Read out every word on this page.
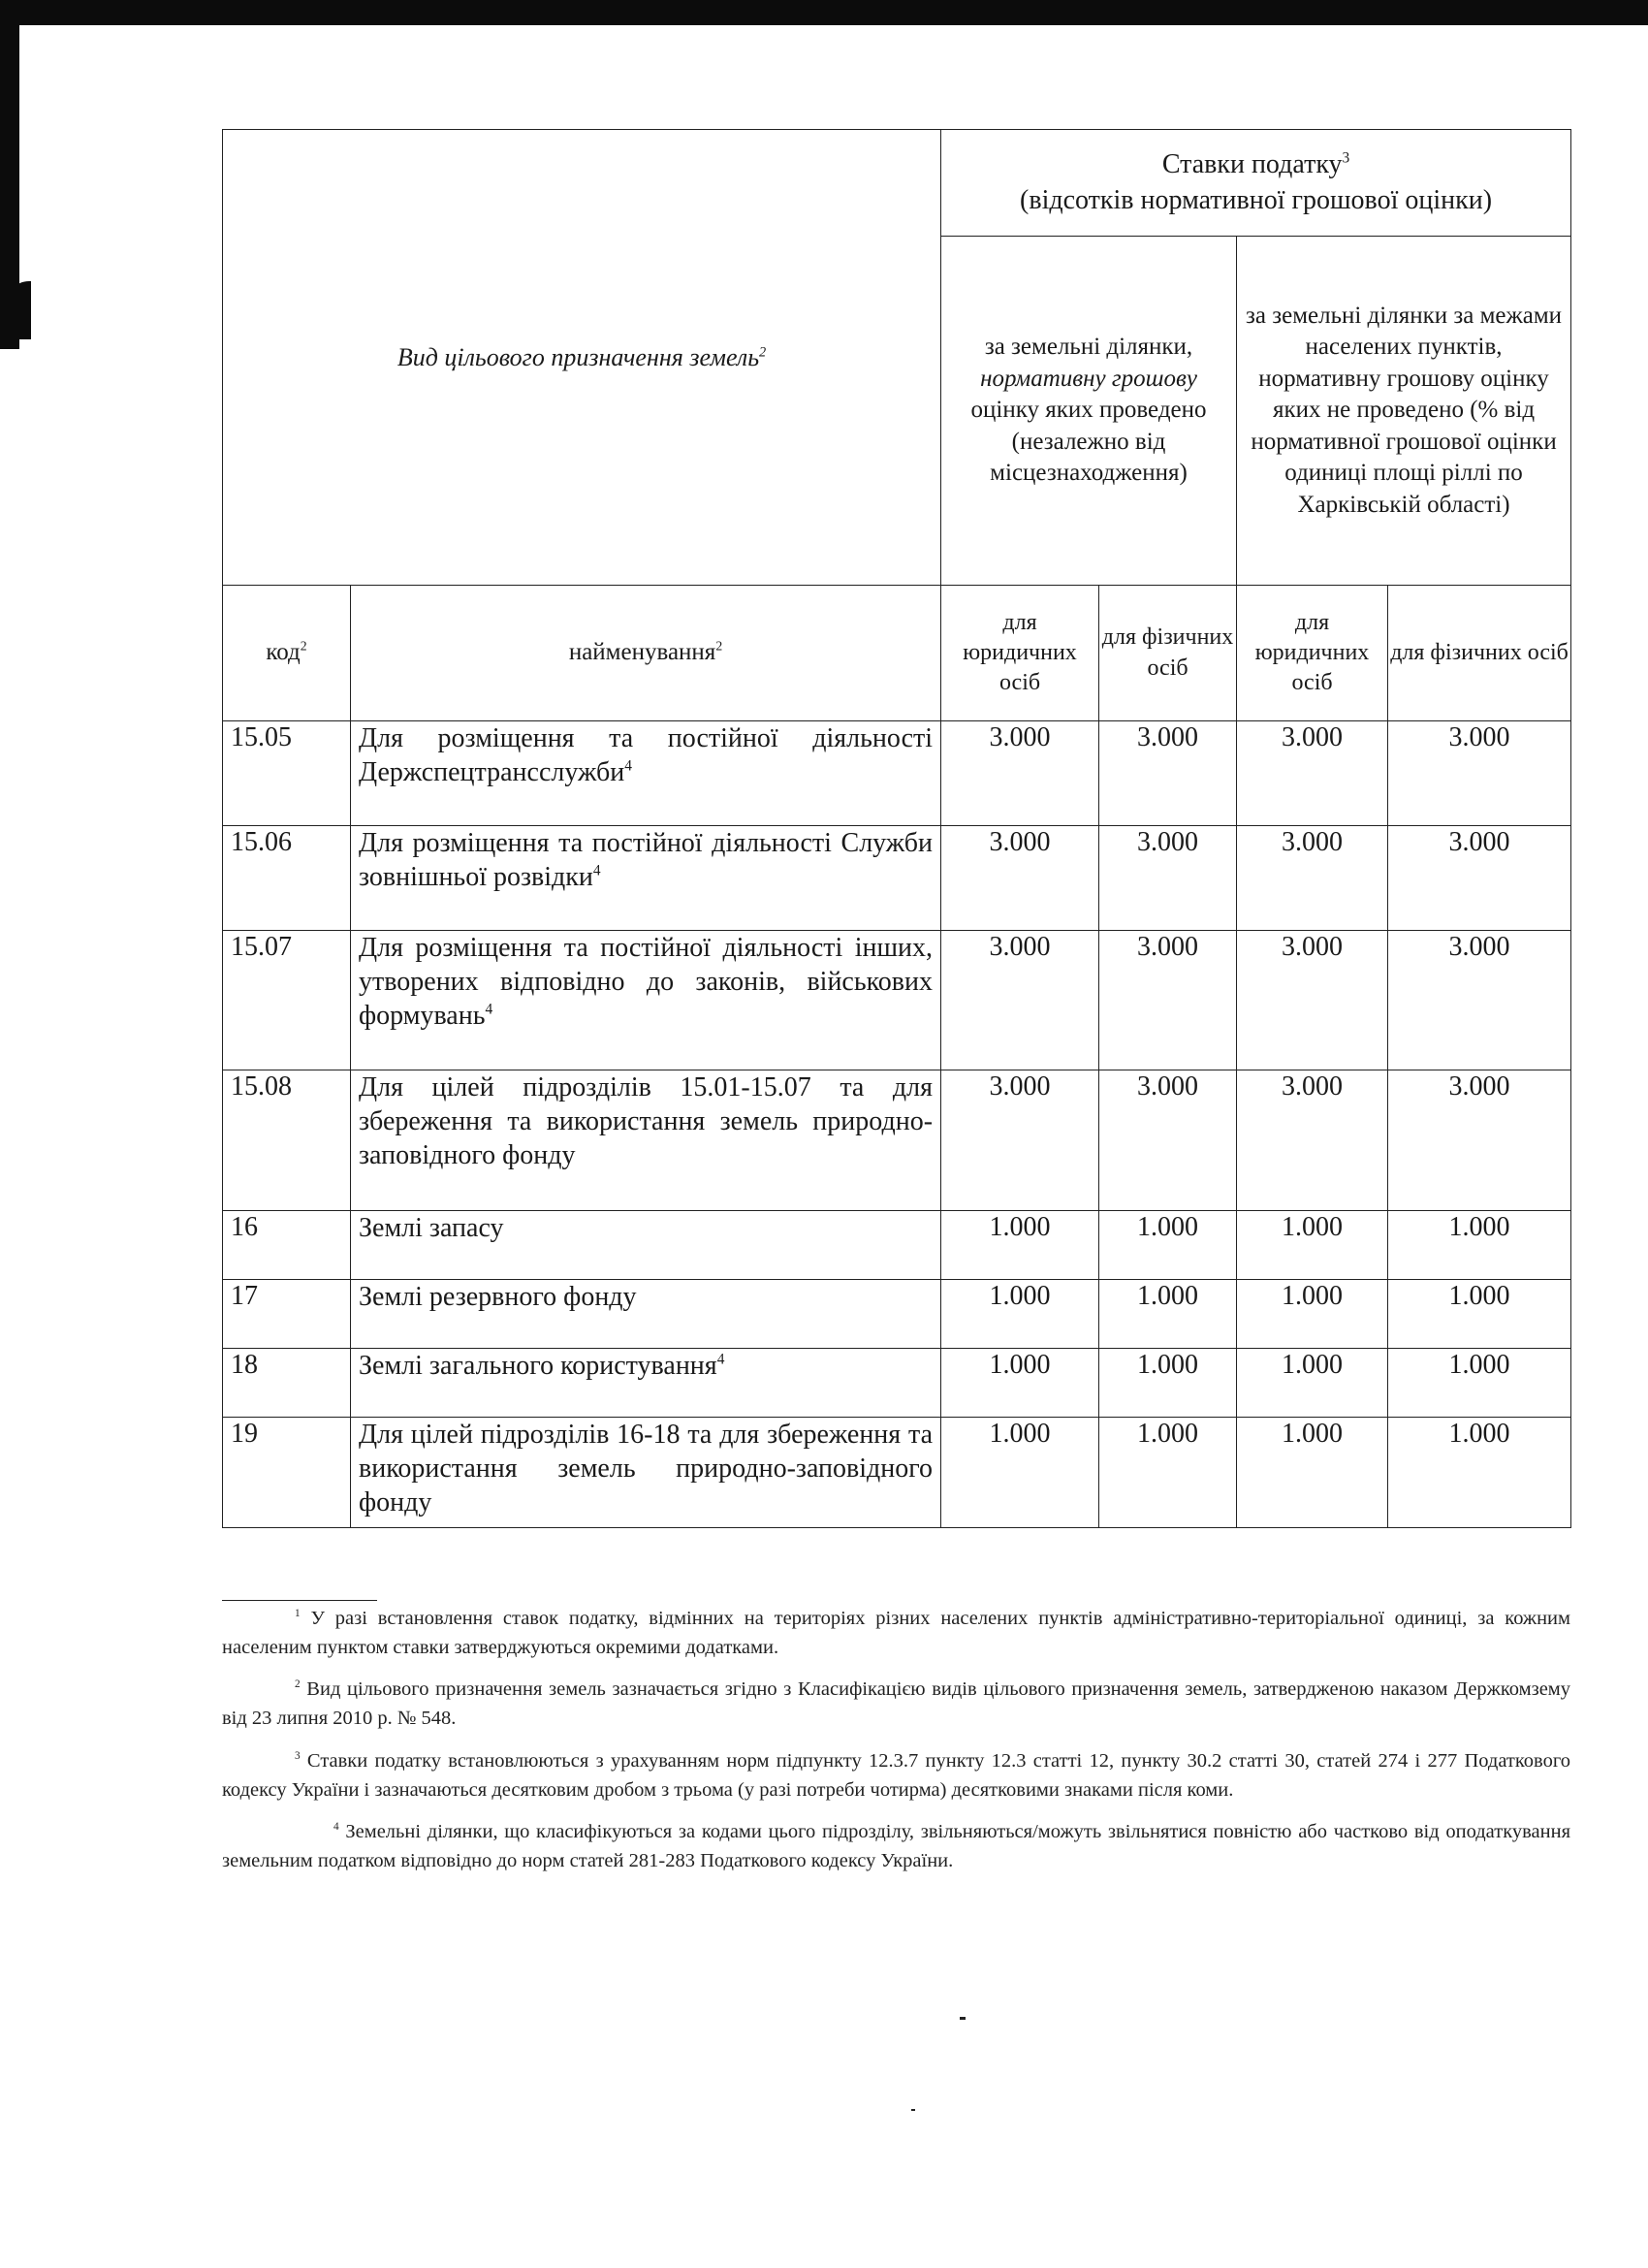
Вид цільового призначення земель$^2$		Ставки податку$^3$
(відсотків нормативної грошової оцінки)			
		за земельні ділянки, нормативну грошову оцінку яких проведено (незалежно від місцезнаходження)		за земельні ділянки за межами населених пунктів, нормативну грошову оцінку яких не проведено (% від нормативної грошової оцінки одиниці площі ріллі по Харківській області)	
код$^2$	найменування$^2$	для юридичних осіб	для фізичних осіб	для юридичних осіб	для фізичних осіб
15.05	Для розміщення та постійної діяльності Держспецтрансслужби$^4$	3.000	3.000	3.000	3.000
15.06	Для розміщення та постійної діяльності Служби зовнішньої розвідки$^4$	3.000	3.000	3.000	3.000
15.07	Для розміщення та постійної діяльності інших, утворених відповідно до законів, військових формувань$^4$	3.000	3.000	3.000	3.000
15.08	Для цілей підрозділів 15.01-15.07 та для збереження та використання земель природно-заповідного фонду	3.000	3.000	3.000	3.000
16	Землі запасу	1.000	1.000	1.000	1.000
17	Землі резервного фонду	1.000	1.000	1.000	1.000
18	Землі загального користування$^4$	1.000	1.000	1.000	1.000
19	Для цілей підрозділів 16-18 та для збереження та використання земель природно-заповідного фонду	1.000	1.000	1.000	1.000

$^1$ У разі встановлення ставок податку, відмінних на територіях різних населених пунктів адміністративно-територіальної одиниці, за кожним населеним пунктом ставки затверджуються окремими додатками.

$^2$ Вид цільового призначення земель зазначається згідно з Класифікацією видів цільового призначення земель, затвердженою наказом Держкомзему від 23 липня 2010 р. № 548.

$^3$ Ставки податку встановлюються з урахуванням норм підпункту 12.3.7 пункту 12.3 статті 12, пункту 30.2 статті 30, статей 274 і 277 Податкового кодексу України і зазначаються десятковим дробом з трьома (у разі потреби чотирма) десятковими знаками після коми.

$^4$ Земельні ділянки, що класифікуються за кодами цього підрозділу, звільняються/можуть звільнятися повністю або частково від оподаткування земельним податком відповідно до норм статей 281-283 Податкового кодексу України.
